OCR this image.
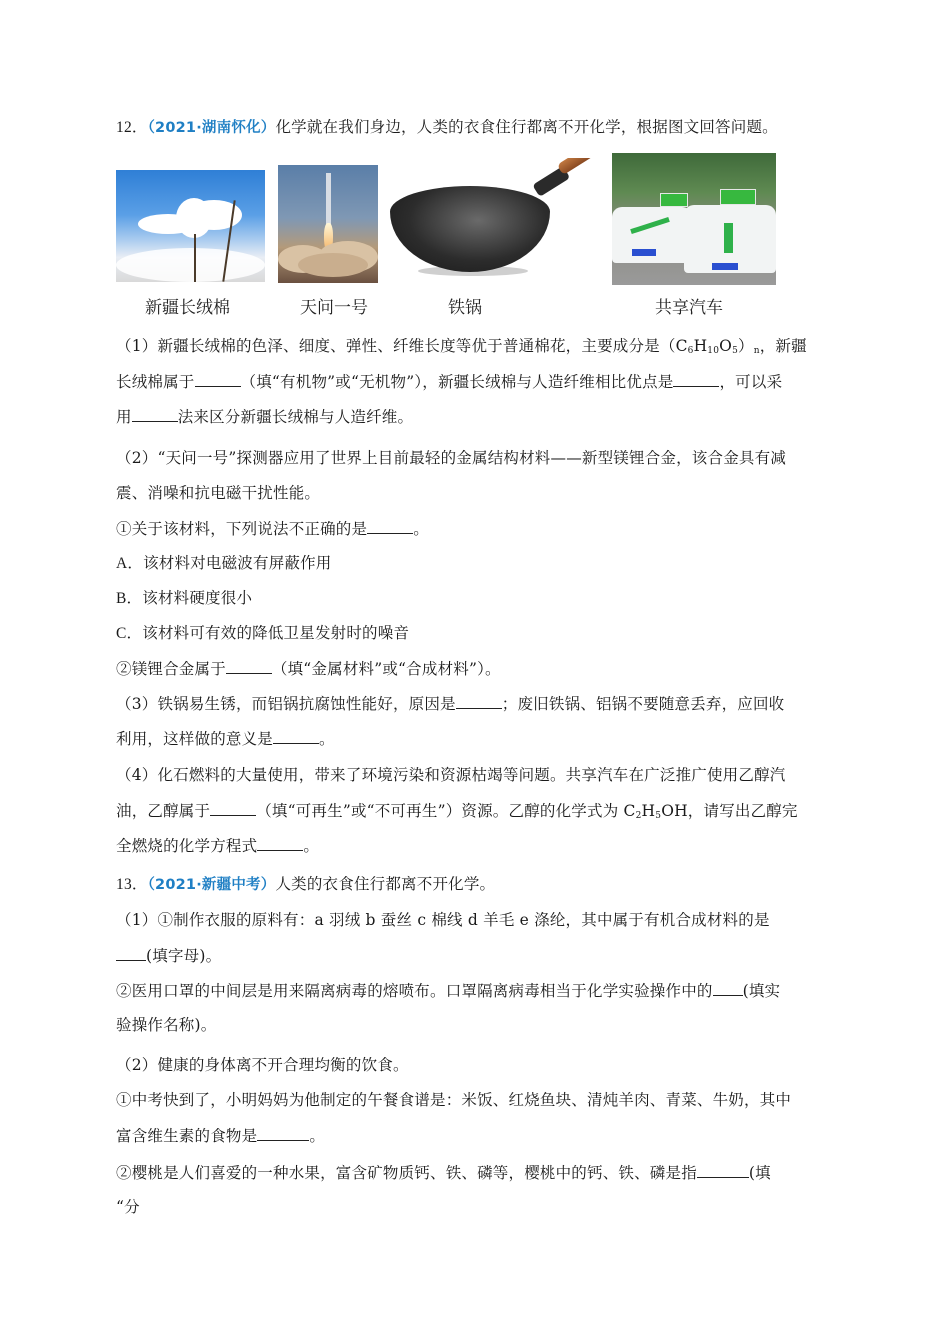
12．（2021·湖南怀化）化学就在我们身边，人类的衣食住行都离不开化学，根据图文回答问题。
新疆长绒棉	天问一号	铁锅	共享汽车
（1）新疆长绒棉的色泽、细度、弹性、纤维长度等优于普通棉花，主要成分是$(C_6H_{10}O_5)_n$，新疆
长绒棉属于	（填“有机物”或“无机物”），新疆长绒棉与人造纤维相比优点是	，可以采
用	法来区分新疆长绒棉与人造纤维。
（2）“天问一号”探测器应用了世界上目前最轻的金属结构材料——新型镁锂合金，该合金具有减
震、消噪和抗电磁干扰性能。
①关于该材料，下列说法不正确的是	。
A．该材料对电磁波有屏蔽作用
B．该材料硬度很小
C．该材料可有效的降低卫星发射时的噪音
②镁锂合金属于	（填“金属材料”或“合成材料”）。
（3）铁锅易生锈，而铝锅抗腐蚀性能好，原因是	；废旧铁锅、铝锅不要随意丢弃，应回收
利用，这样做的意义是	。
（4）化石燃料的大量使用，带来了环境污染和资源枯竭等问题。共享汽车在广泛推广使用乙醇汽
油，乙醇属于	（填“可再生”或“不可再生”）资源。乙醇的化学式为 $C_2H_5OH$，请写出乙醇完
全燃烧的化学方程式	。
13．（2021·新疆中考）人类的衣食住行都离不开化学。
（1）①制作衣服的原料有：a 羽绒 b 蚕丝 c 棉线 d 羊毛 e 涤纶，其中属于有机合成材料的是
(填字母)。
②医用口罩的中间层是用来隔离病毒的熔喷布。口罩隔离病毒相当于化学实验操作中的 (填实
验操作名称)。
（2）健康的身体离不开合理均衡的饮食。
①中考快到了，小明妈妈为他制定的午餐食谱是：米饭、红烧鱼块、清炖羊肉、青菜、牛奶，其中
富含维生素的食物是	。
②樱桃是人们喜爱的一种水果，富含矿物质钙、铁、磷等，樱桃中的钙、铁、磷是指	(填
“分
